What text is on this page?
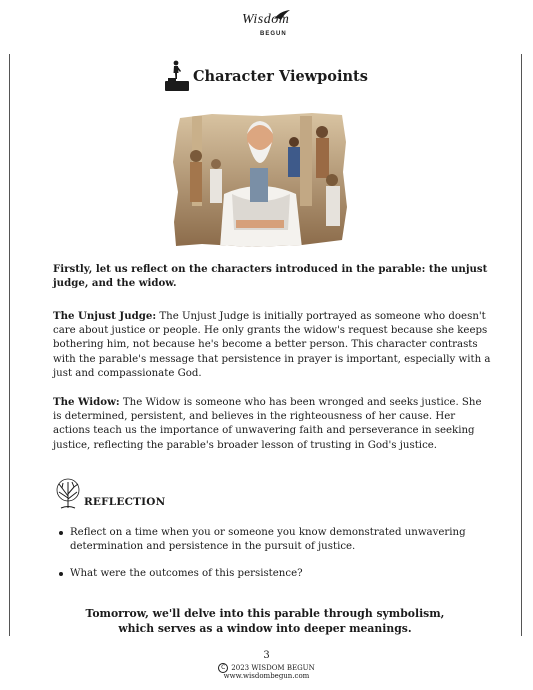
Wisdom
BEGUN
Character Viewpoints

Firstly, let us reflect on the characters introduced in the parable: the unjust judge, and the widow.

The Unjust Judge: The Unjust Judge is initially portrayed as someone who doesn't care about justice or people. He only grants the widow's request because she keeps bothering him, not because he's become a better person. This character contrasts with the parable's message that persistence in prayer is important, especially with a just and compassionate God.

The Widow: The Widow is someone who has been wronged and seeks justice. She is determined, persistent, and believes in the righteousness of her cause. Her actions teach us the importance of unwavering faith and perseverance in seeking justice, reflecting the parable's broader lesson of trusting in God's justice.

REFLECTION
Reflect on a time when you or someone you know demonstrated unwavering determination and persistence in the pursuit of justice.
What were the outcomes of this persistence?

Tomorrow, we'll delve into this parable through symbolism,
which serves as a window into deeper meanings.

3
C 2023 WISDOM BEGUN
www.wisdombegun.com
